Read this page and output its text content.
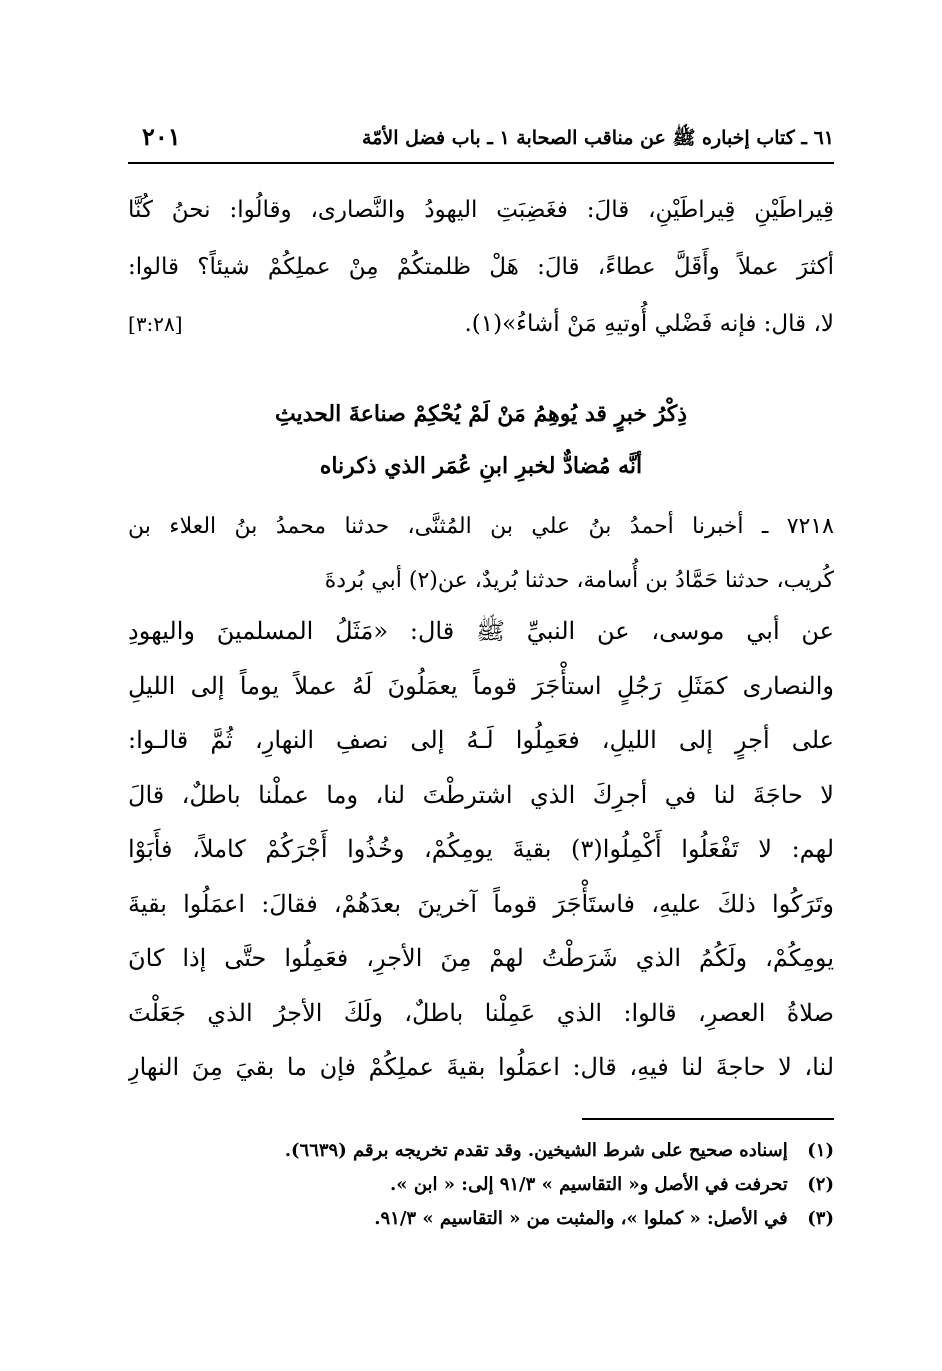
٦١ ـ كتاب إخباره ﷺ عن مناقب الصحابة ١ ـ باب فضل الأمّة
٢٠١
قِيراطَيْنِ قِيراطَيْنِ، قالَ: فغَضِبَتِ اليهودُ والنَّصارى، وقالُوا: نحنُ كُنَّا
أكثرَ عملاً وأَقَلَّ عطاءً، قالَ: هَلْ ظلمتكُمْ مِنْ عملِكُمْ شيئاً؟ قالوا:
لا، قال: فإنه فَضْلي أُوتيهِ مَنْ أشاءُ»(١).
[٣:٢٨]
ذِكْرُ خبرٍ قد يُوهِمُ مَنْ لَمْ يُحْكِمْ صناعةَ الحديثِ
أنَّه مُضادٌّ لخبرِ ابنِ عُمَر الذي ذكرناه
٧٢١٨ ـ أخبرنا أحمدُ بنُ علي بن المُثنَّى، حدثنا محمدُ بنُ العلاء بن
كُريب، حدثنا حَمَّادُ بن أُسامة، حدثنا بُريدٌ، عن(٢) أبي بُردةَ
عن أبي موسى، عن النبيِّ ﷺ قال: «مَثَلُ المسلمينَ واليهودِ
والنصارى كمَثَلِ رَجُلٍ استأْجَرَ قوماً يعمَلُونَ لَهُ عملاً يوماً إلى الليلِ
على أجرٍ إلى الليلِ، فعَمِلُوا لَـهُ إلى نصفِ النهارِ، ثُمَّ قالـوا:
لا حاجَةَ لنا في أجرِكَ الذي اشترطْتَ لنا، وما عملْنا باطلٌ، قالَ
لهم: لا تَفْعَلُوا أَكْمِلُوا(٣) بقيةَ يومِكُمْ، وخُذُوا أَجْرَكُمْ كاملاً، فأَبَوْا
وتَرَكُوا ذلكَ عليهِ، فاستَأْجَرَ قوماً آخرينَ بعدَهُمْ، فقالَ: اعمَلُوا بقيةَ
يومِكُمْ، ولَكُمُ الذي شَرَطْتُ لهمْ مِنَ الأجرِ، فعَمِلُوا حتَّى إذا كانَ
صلاةُ العصرِ، قالوا: الذي عَمِلْنا باطلٌ، ولَكَ الأجرُ الذي جَعَلْتَ
لنا، لا حاجةَ لنا فيهِ، قال: اعمَلُوا بقيةَ عملِكُمْ فإن ما بقيَ مِنَ النهارِ
(١) إسناده صحيح على شرط الشيخين. وقد تقدم تخريجه برقم (٦٦٣٩).
(٢) تحرفت في الأصل و« التقاسيم » ٩١/٣ إلى: « ابن ».
(٣) في الأصل: « كملوا »، والمثبت من « التقاسيم » ٩١/٣.
